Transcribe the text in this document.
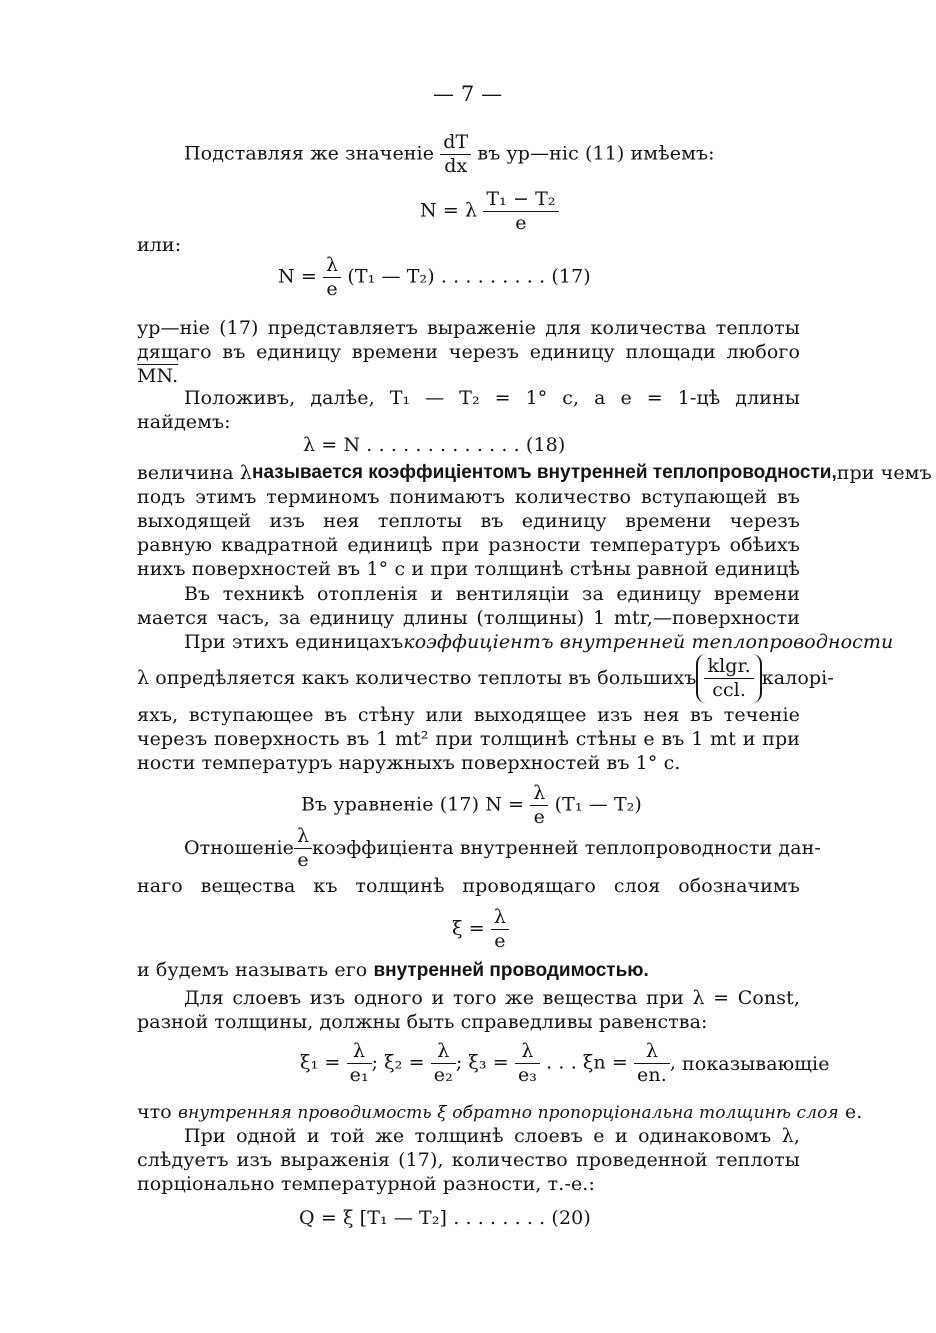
— 7 —
Подставляя же значеніе $\frac{dT}{dx}$ въ ур—ніс (11) имѣемъ:
N = λ $\frac{\text{T₁ − T₂}}{e}$
или:
$N = \frac{\lambda}{e} (T_1$ — T₂) . . . . . . . . . (17)
ур—ніе (17) представляетъ выраженіе для количества теплоты
дящаго въ единицу времени черезъ единицу площади любого
MN.
Положивъ, далѣе, T₁ — T₂ = 1° c, а e = 1-цѣ длины
найдемъ:
λ = N . . . . . . . . . . . . . (18)
величина λ называется коэффиціентомъ внутренней теплопроводности, при чемъ
подъ этимъ терминомъ понимаютъ количество вступающей въ
выходящей изъ нея теплоты въ единицу времени черезъ
равную квадратной единицѣ при разности температуръ обѣихъ
нихъ поверхностей въ 1° с и при толщинѣ стѣны равной единицѣ
Въ техникѣ отопленія и вентиляціи за единицу времени
мается часъ, за единицу длины (толщины) 1 mtr,—поверхности
При этихъ единицахъ коэффиціентъ внутренней теплопроводности
λ опредѣляется какъ количество теплоты въ большихъ $\frac{klgr.}{\text{ccl.}}$ калорі-
яхъ, вступающее въ стѣну или выходящее изъ нея въ теченіе
черезъ поверхность въ 1 mt² при толщинѣ стѣны e въ 1 mt и при
ности температуръ наружныхъ поверхностей въ 1° с.
Въ уравненіе (17) $N = \frac{\lambda}{e} (T_1$ — T₂)
Отношеніе $\frac{\lambda}{e}$ коэффиціента внутренней теплопроводности дан-
наго вещества къ толщинѣ проводящаго слоя обозначимъ
$\xi = \frac{\lambda}{e}$
и будемъ называть его внутренней проводимостью.
Для слоевъ изъ одного и того же вещества при λ = Const,
разной толщины, должны быть справедливы равенства:
$\xi_1 = \frac{\lambda}{\text{e₁}}$ ; $\xi_2 = \frac{\lambda}{\text{e₂}}$ ; $\xi_3 = \frac{\lambda}{\text{e₃}}$ . . . $\xi n = \frac{\lambda}{en.}$ , показывающіе
что внутренняя проводимость ξ обратно пропорціональна толщинѣ слоя e.
При одной и той же толщинѣ слоевъ e и одинаковомъ λ,
слѣдуетъ изъ выраженія (17), количество проведенной теплоты
порціонально температурной разности, т.-е.:
Q = ξ [T₁ — T₂] . . . . . . . . (20)
